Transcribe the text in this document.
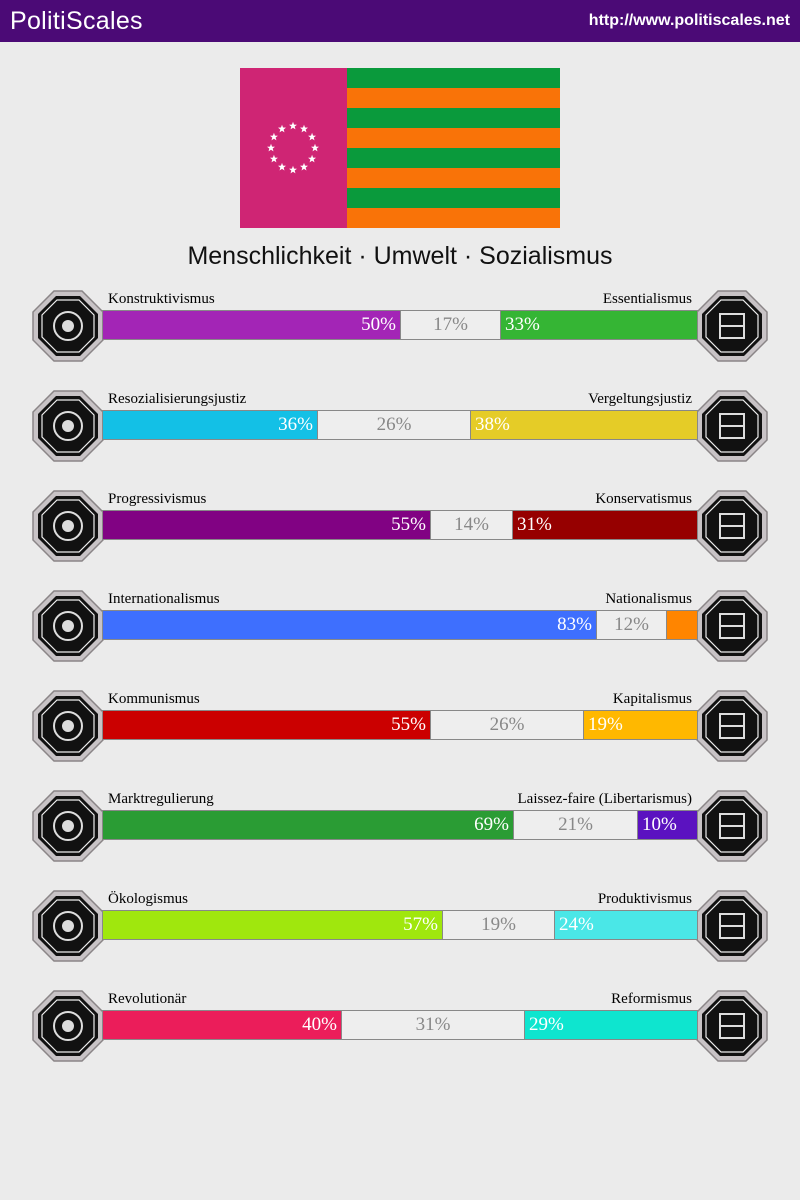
PolitiScales	http://www.politiscales.net
Menschlichkeit · Umwelt · Sozialismus
Konstruktivismus	Essentialismus
50%	17%	33%
Resozialisierungsjustiz	Vergeltungsjustiz
36%	26%	38%
Progressivismus	Konservatismus
55%	14%	31%
Internationalismus	Nationalismus
83%	12%
Kommunismus	Kapitalismus
55%	26%	19%
Marktregulierung	Laissez-faire (Libertarismus)
69%	21%	10%
Ökologismus	Produktivismus
57%	19%	24%
Revolutionär	Reformismus
40%	31%	29%
